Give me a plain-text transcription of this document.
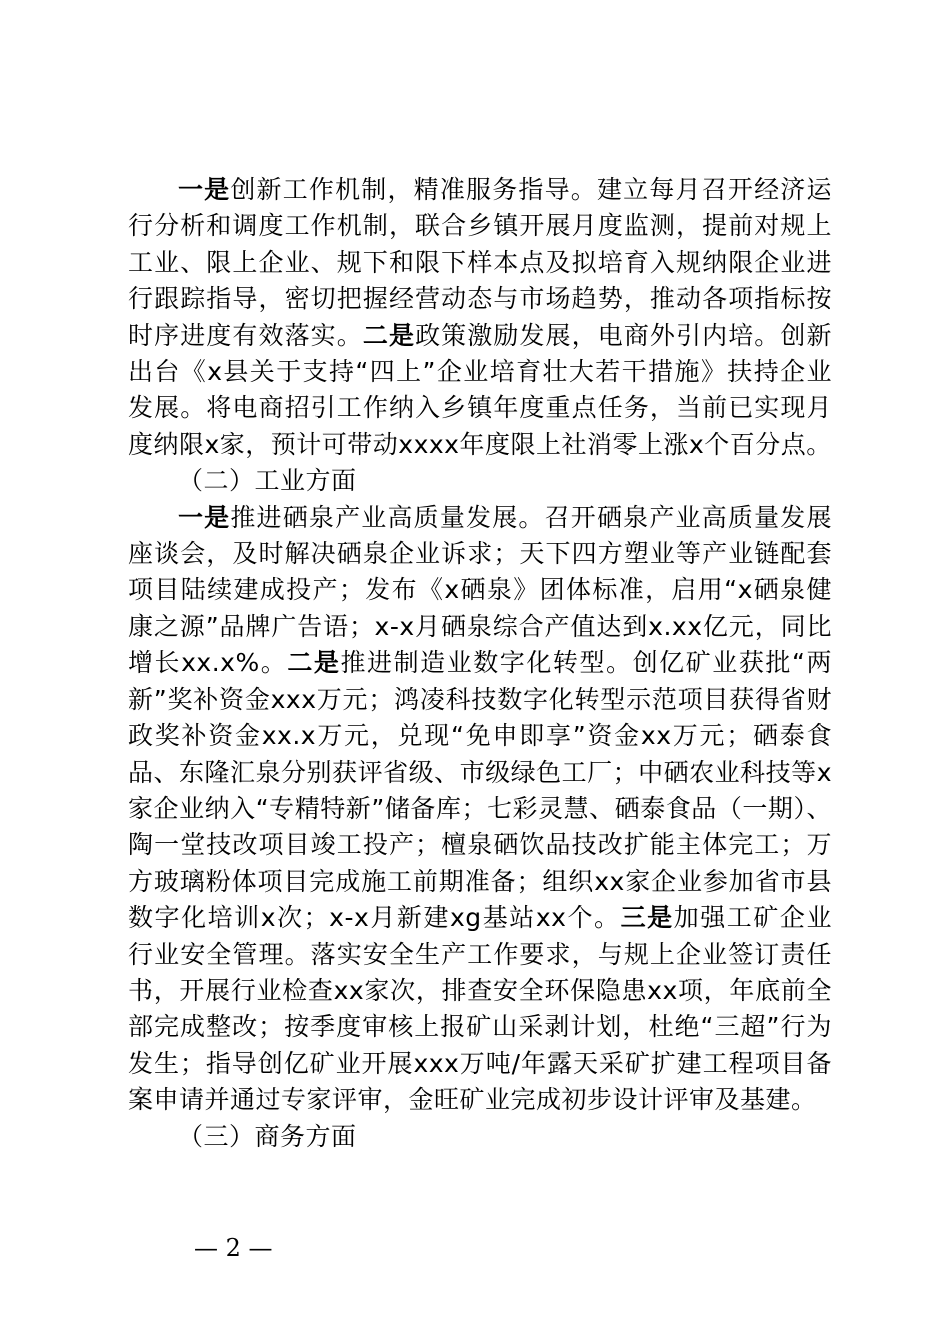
一是创新工作机制，精准服务指导。建立每月召开经济运行分析和调度工作机制，联合乡镇开展月度监测，提前对规上工业、限上企业、规下和限下样本点及拟培育入规纳限企业进行跟踪指导，密切把握经营动态与市场趋势，推动各项指标按时序进度有效落实。二是政策激励发展，电商外引内培。创新出台《x县关于支持“四上”企业培育壮大若干措施》扶持企业发展。将电商招引工作纳入乡镇年度重点任务，当前已实现月度纳限x家，预计可带动xxxx年度限上社消零上涨x个百分点。

（二）工业方面

一是推进硒泉产业高质量发展。召开硒泉产业高质量发展座谈会，及时解决硒泉企业诉求；天下四方塑业等产业链配套项目陆续建成投产；发布《x硒泉》团体标准，启用“x硒泉健康之源”品牌广告语；x-x月硒泉综合产值达到x.xx亿元，同比增长xx.x%。二是推进制造业数字化转型。创亿矿业获批“两新”奖补资金xxx万元；鸿凌科技数字化转型示范项目获得省财政奖补资金xx.x万元，兑现“免申即享”资金xx万元；硒泰食品、东隆汇泉分别获评省级、市级绿色工厂；中硒农业科技等x家企业纳入“专精特新”储备库；七彩灵慧、硒泰食品（一期）、陶一堂技改项目竣工投产；檀泉硒饮品技改扩能主体完工；万方玻璃粉体项目完成施工前期准备；组织xx家企业参加省市县数字化培训x次；x-x月新建xg基站xx个。三是加强工矿企业行业安全管理。落实安全生产工作要求，与规上企业签订责任书，开展行业检查xx家次，排查安全环保隐患xx项，年底前全部完成整改；按季度审核上报矿山采剥计划，杜绝“三超”行为发生；指导创亿矿业开展xxx万吨/年露天采矿扩建工程项目备案申请并通过专家评审，金旺矿业完成初步设计评审及基建。

（三）商务方面

— 2 —
